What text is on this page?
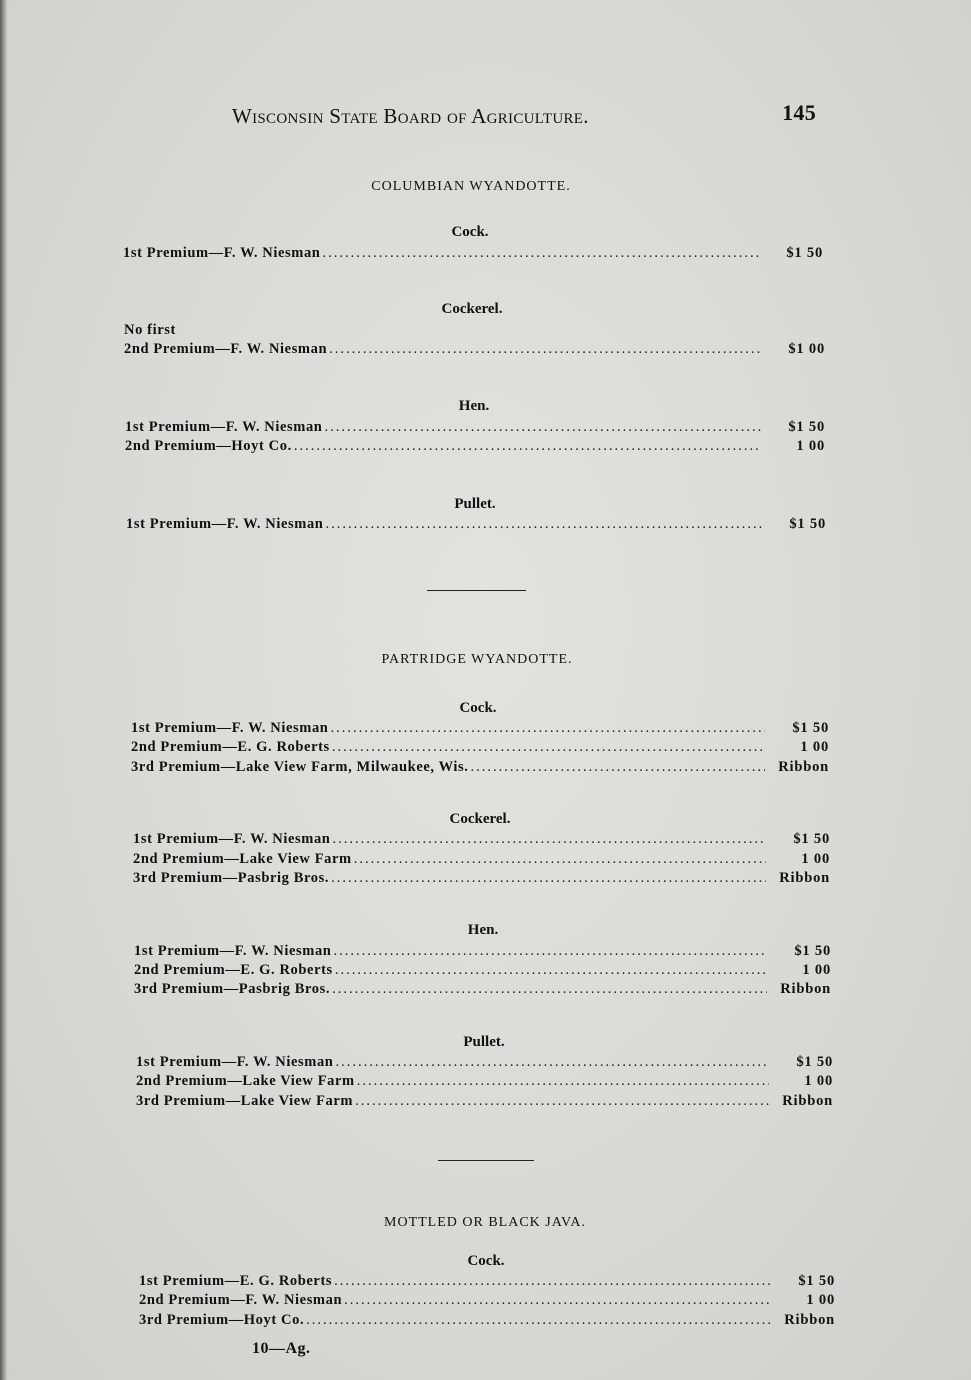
Wisconsin State Board of Agriculture.	145
COLUMBIAN WYANDOTTE.
Cock.
1st Premium—F. W. Niesman .....	$1 50
Cockerel.
No first
2nd Premium—F. W. Niesman .....	$1 00
Hen.
1st Premium—F. W. Niesman .....	$1 50
2nd Premium—Hoyt Co. .....	1 00
Pullet.
1st Premium—F. W. Niesman .....	$1 50
PARTRIDGE WYANDOTTE.
Cock.
1st Premium—F. W. Niesman .....	$1 50
2nd Premium—E. G. Roberts .....	1 00
3rd Premium—Lake View Farm, Milwaukee, Wis. .....	Ribbon
Cockerel.
1st Premium—F. W. Niesman .....	$1 50
2nd Premium—Lake View Farm .....	1 00
3rd Premium—Pasbrig Bros. .....	Ribbon
Hen.
1st Premium—F. W. Niesman .....	$1 50
2nd Premium—E. G. Roberts .....	1 00
3rd Premium—Pasbrig Bros. .....	Ribbon
Pullet.
1st Premium—F. W. Niesman .....	$1 50
2nd Premium—Lake View Farm .....	1 00
3rd Premium—Lake View Farm .....	Ribbon
MOTTLED OR BLACK JAVA.
Cock.
1st Premium—E. G. Roberts .....	$1 50
2nd Premium—F. W. Niesman .....	1 00
3rd Premium—Hoyt Co. .....	Ribbon
10—Ag.
